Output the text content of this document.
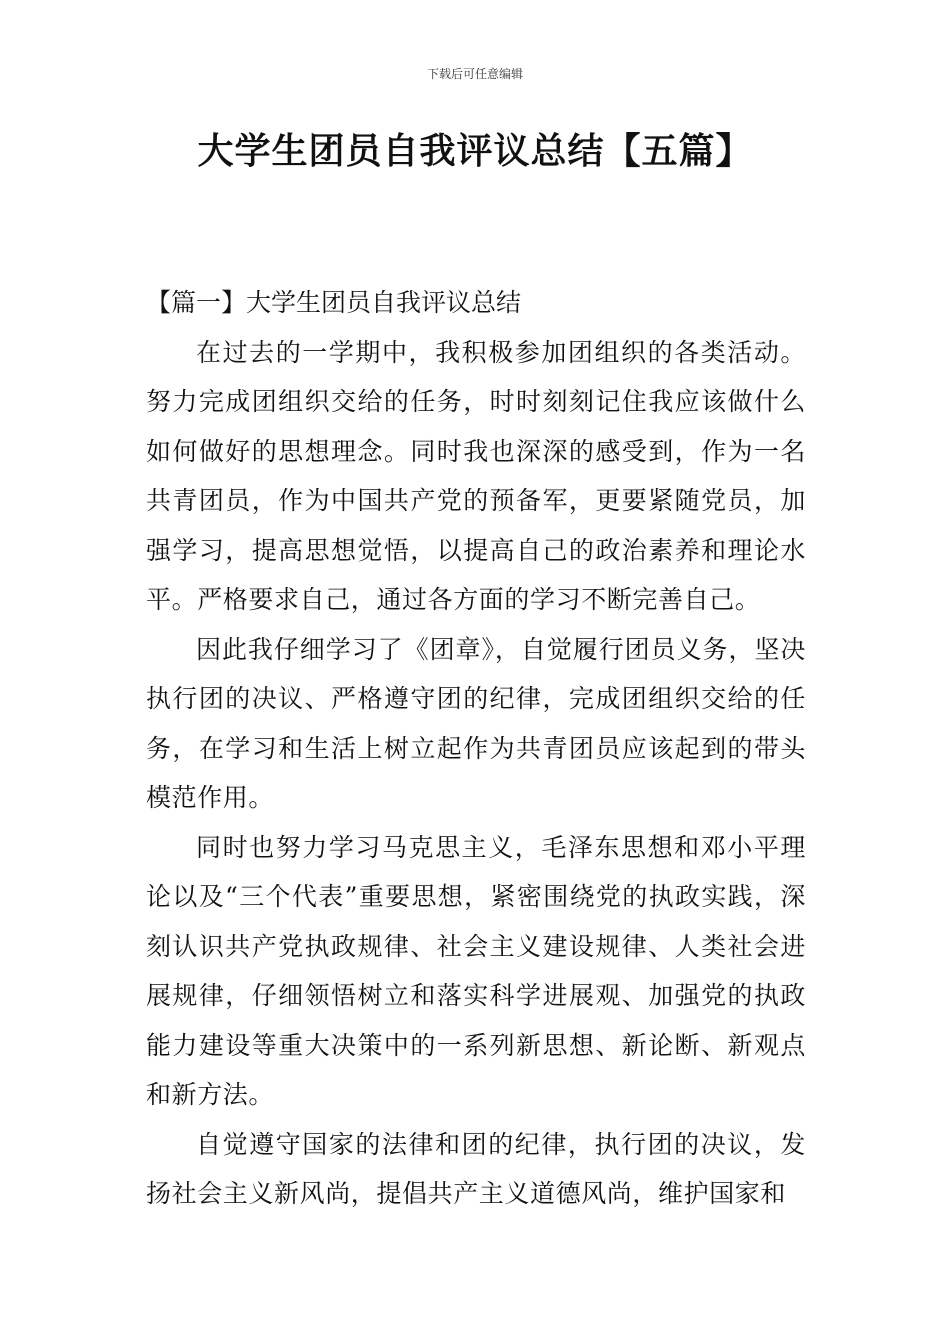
下载后可任意编辑
大学生团员自我评议总结【五篇】
【篇一】大学生团员自我评议总结

在过去的一学期中，我积极参加团组织的各类活动。努力完成团组织交给的任务，时时刻刻记住我应该做什么如何做好的思想理念。同时我也深深的感受到，作为一名共青团员，作为中国共产党的预备军，更要紧随党员，加强学习，提高思想觉悟，以提高自己的政治素养和理论水平。严格要求自己，通过各方面的学习不断完善自己。

因此我仔细学习了《团章》，自觉履行团员义务，坚决执行团的决议、严格遵守团的纪律，完成团组织交给的任务，在学习和生活上树立起作为共青团员应该起到的带头模范作用。

同时也努力学习马克思主义，毛泽东思想和邓小平理论以及“三个代表”重要思想，紧密围绕党的执政实践，深刻认识共产党执政规律、社会主义建设规律、人类社会进展规律，仔细领悟树立和落实科学进展观、加强党的执政能力建设等重大决策中的一系列新思想、新论断、新观点和新方法。

自觉遵守国家的法律和团的纪律，执行团的决议，发扬社会主义新风尚，提倡共产主义道德风尚，维护国家和
